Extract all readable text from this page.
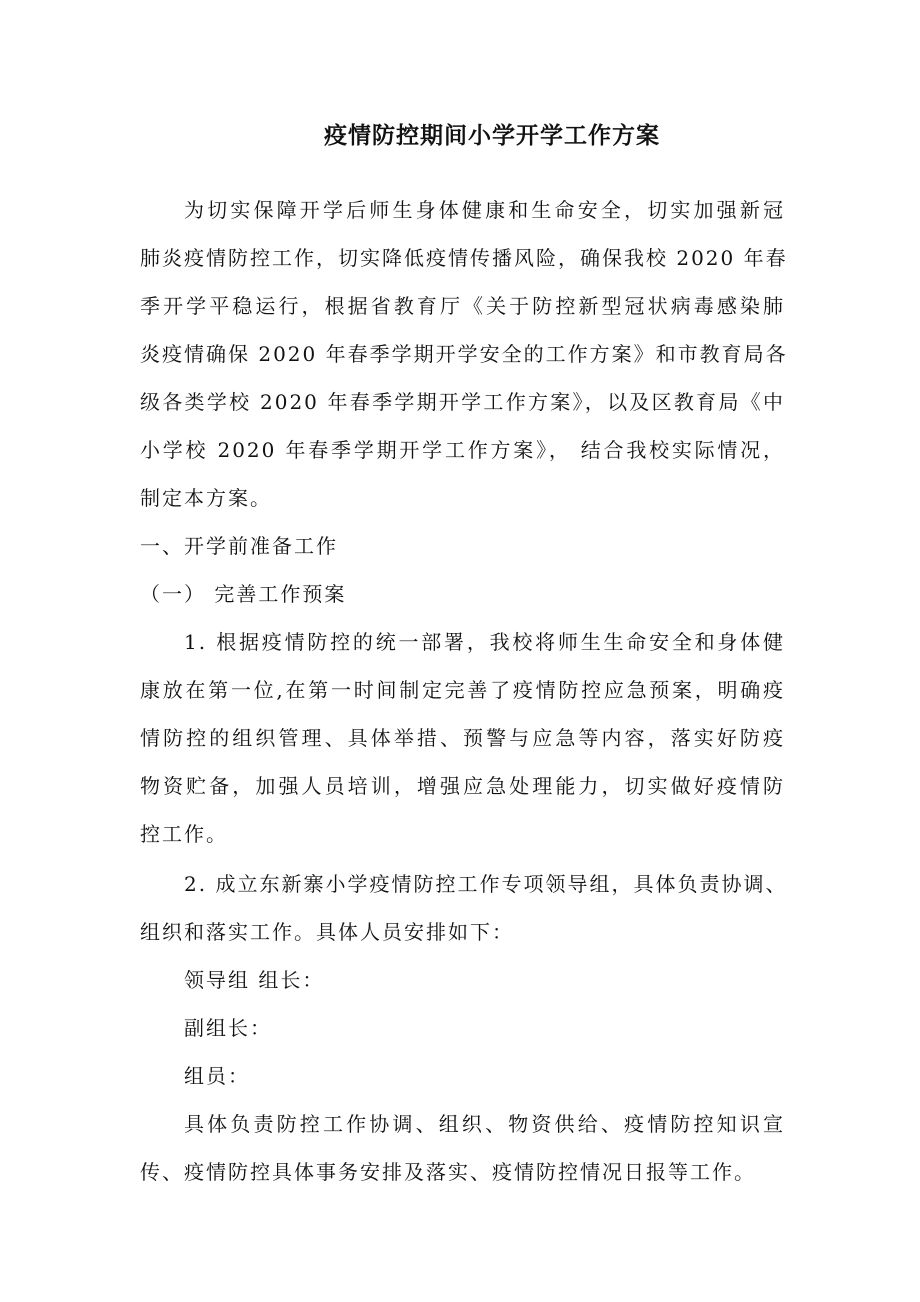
疫情防控期间小学开学工作方案

为切实保障开学后师生身体健康和生命安全，切实加强新冠

肺炎疫情防控工作，切实降低疫情传播风险，确保我校 2020 年春

季开学平稳运行，根据省教育厅《关于防控新型冠状病毒感染肺

炎疫情确保 2020 年春季学期开学安全的工作方案》和市教育局各

级各类学校 2020 年春季学期开学工作方案》，以及区教育局《中

小学校 2020 年春季学期开学工作方案》， 结合我校实际情况，

制定本方案。

一、开学前准备工作

（一） 完善工作预案

1. 根据疫情防控的统一部署，我校将师生生命安全和身体健

康放在第一位,在第一时间制定完善了疫情防控应急预案，明确疫

情防控的组织管理、具体举措、预警与应急等内容，落实好防疫

物资贮备，加强人员培训，增强应急处理能力，切实做好疫情防

控工作。

2. 成立东新寨小学疫情防控工作专项领导组，具体负责协调、

组织和落实工作。具体人员安排如下：

领导组 组长：

副组长：

组员：

具体负责防控工作协调、组织、物资供给、疫情防控知识宣

传、疫情防控具体事务安排及落实、疫情防控情况日报等工作。
